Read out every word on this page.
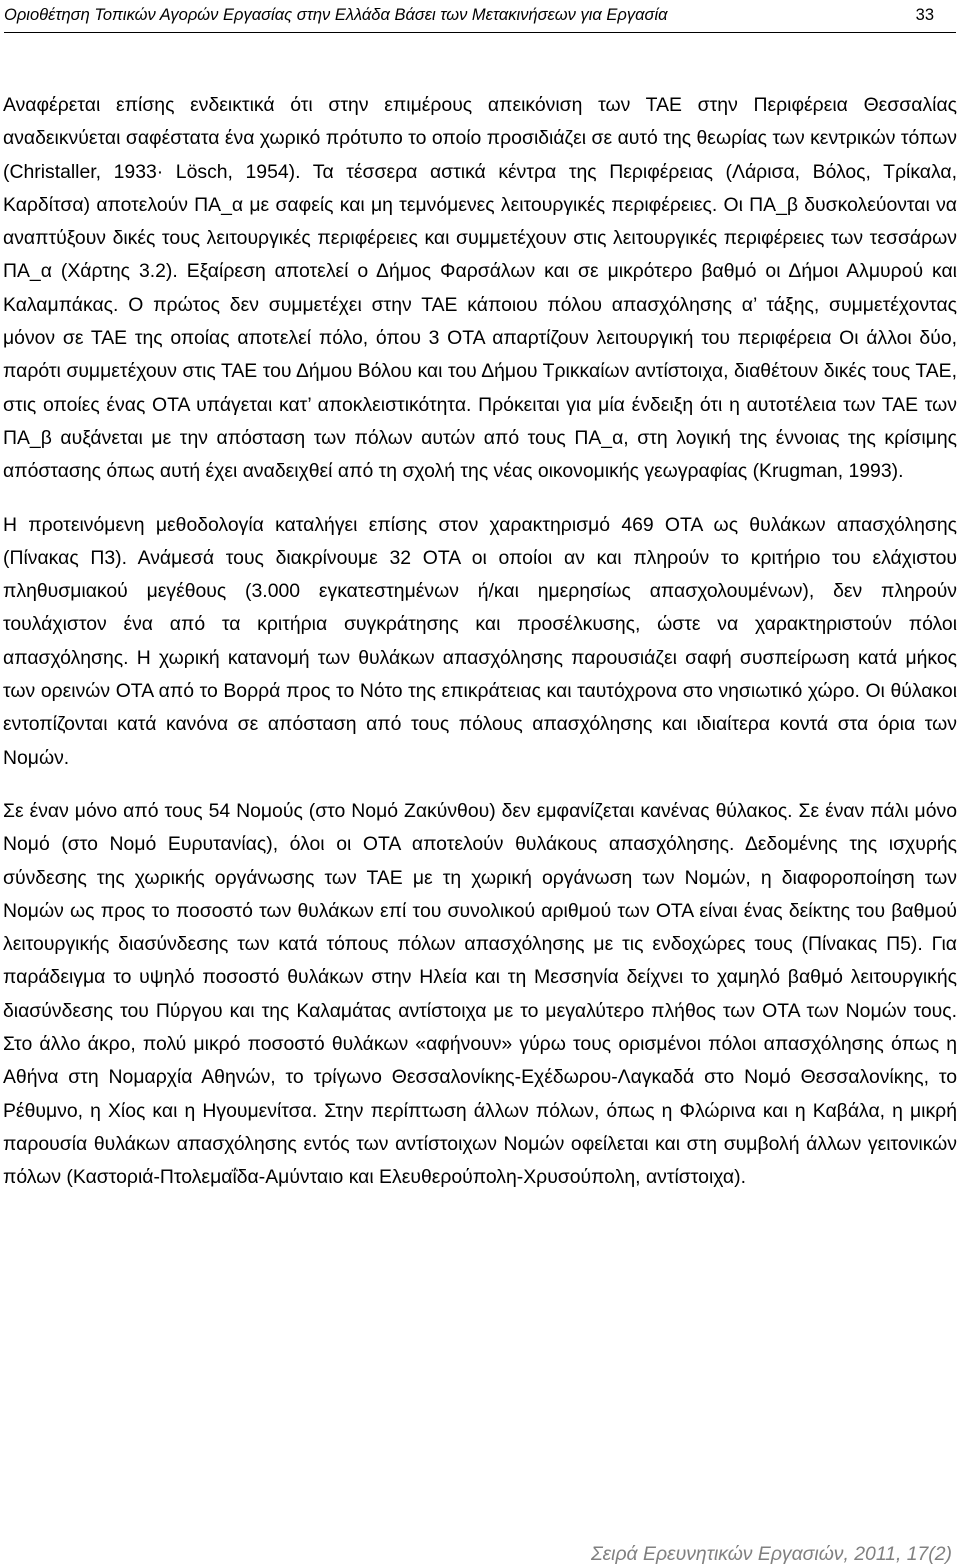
Οριοθέτηση Τοπικών Αγορών Εργασίας στην Ελλάδα Βάσει των Μετακινήσεων για Εργασία	33

Αναφέρεται επίσης ενδεικτικά ότι στην επιμέρους απεικόνιση των ΤΑΕ στην Περιφέρεια Θεσσαλίας αναδεικνύεται σαφέστατα ένα χωρικό πρότυπο το οποίο προσιδιάζει σε αυτό της θεωρίας των κεντρικών τόπων (Christaller, 1933· Lösch, 1954). Τα τέσσερα αστικά κέντρα της Περιφέρειας (Λάρισα, Βόλος, Τρίκαλα, Καρδίτσα) αποτελούν ΠΑ_α με σαφείς και μη τεμνόμενες λειτουργικές περιφέρειες. Οι ΠΑ_β δυσκολεύονται να αναπτύξουν δικές τους λειτουργικές περιφέρειες και συμμετέχουν στις λειτουργικές περιφέρειες των τεσσάρων ΠΑ_α (Χάρτης 3.2). Εξαίρεση αποτελεί ο Δήμος Φαρσάλων και σε μικρότερο βαθμό οι Δήμοι Αλμυρού και Καλαμπάκας. Ο πρώτος δεν συμμετέχει στην ΤΑΕ κάποιου πόλου απασχόλησης α’ τάξης, συμμετέχοντας μόνον σε ΤΑΕ της οποίας αποτελεί πόλο, όπου 3 ΟΤΑ απαρτίζουν λειτουργική του περιφέρεια Οι άλλοι δύο, παρότι συμμετέχουν στις ΤΑΕ του Δήμου Βόλου και του Δήμου Τρικκαίων αντίστοιχα, διαθέτουν δικές τους ΤΑΕ, στις οποίες ένας ΟΤΑ υπάγεται κατ’ αποκλειστικότητα. Πρόκειται για μία ένδειξη ότι η αυτοτέλεια των ΤΑΕ των ΠΑ_β αυξάνεται με την απόσταση των πόλων αυτών από τους ΠΑ_α, στη λογική της έννοιας της κρίσιμης απόστασης όπως αυτή έχει αναδειχθεί από τη σχολή της νέας οικονομικής γεωγραφίας (Krugman, 1993).

Η προτεινόμενη μεθοδολογία καταλήγει επίσης στον χαρακτηρισμό 469 ΟΤΑ ως θυλάκων απασχόλησης (Πίνακας Π3). Ανάμεσά τους διακρίνουμε 32 ΟΤΑ οι οποίοι αν και πληρούν το κριτήριο του ελάχιστου πληθυσμιακού μεγέθους (3.000 εγκατεστημένων ή/και ημερησίως απασχολουμένων), δεν πληρούν τουλάχιστον ένα από τα κριτήρια συγκράτησης και προσέλκυσης, ώστε να χαρακτηριστούν πόλοι απασχόλησης. Η χωρική κατανομή των θυλάκων απασχόλησης παρουσιάζει σαφή συσπείρωση κατά μήκος των ορεινών ΟΤΑ από το Βορρά προς το Νότο της επικράτειας και ταυτόχρονα στο νησιωτικό χώρο. Οι θύλακοι εντοπίζονται κατά κανόνα σε απόσταση από τους πόλους απασχόλησης και ιδιαίτερα κοντά στα όρια των Νομών.

Σε έναν μόνο από τους 54 Νομούς (στο Νομό Ζακύνθου) δεν εμφανίζεται κανένας θύλακος. Σε έναν πάλι μόνο Νομό (στο Νομό Ευρυτανίας), όλοι οι ΟΤΑ αποτελούν θυλάκους απασχόλησης. Δεδομένης της ισχυρής σύνδεσης της χωρικής οργάνωσης των ΤΑΕ με τη χωρική οργάνωση των Νομών, η διαφοροποίηση των Νομών ως προς το ποσοστό των θυλάκων επί του συνολικού αριθμού των ΟΤΑ είναι ένας δείκτης του βαθμού λειτουργικής διασύνδεσης των κατά τόπους πόλων απασχόλησης με τις ενδοχώρες τους (Πίνακας Π5). Για παράδειγμα το υψηλό ποσοστό θυλάκων στην Ηλεία και τη Μεσσηνία δείχνει το χαμηλό βαθμό λειτουργικής διασύνδεσης του Πύργου και της Καλαμάτας αντίστοιχα με το μεγαλύτερο πλήθος των ΟΤΑ των Νομών τους. Στο άλλο άκρο, πολύ μικρό ποσοστό θυλάκων «αφήνουν» γύρω τους ορισμένοι πόλοι απασχόλησης όπως η Αθήνα στη Νομαρχία Αθηνών, το τρίγωνο Θεσσαλονίκης-Εχέδωρου-Λαγκαδά στο Νομό Θεσσαλονίκης, το Ρέθυμνο, η Χίος και η Ηγουμενίτσα. Στην περίπτωση άλλων πόλων, όπως η Φλώρινα και η Καβάλα, η μικρή παρουσία θυλάκων απασχόλησης εντός των αντίστοιχων Νομών οφείλεται και στη συμβολή άλλων γειτονικών πόλων (Καστοριά-Πτολεμαΐδα-Αμύνταιο και Ελευθερούπολη-Χρυσούπολη, αντίστοιχα).

Σειρά Ερευνητικών Εργασιών, 2011, 17(2)
